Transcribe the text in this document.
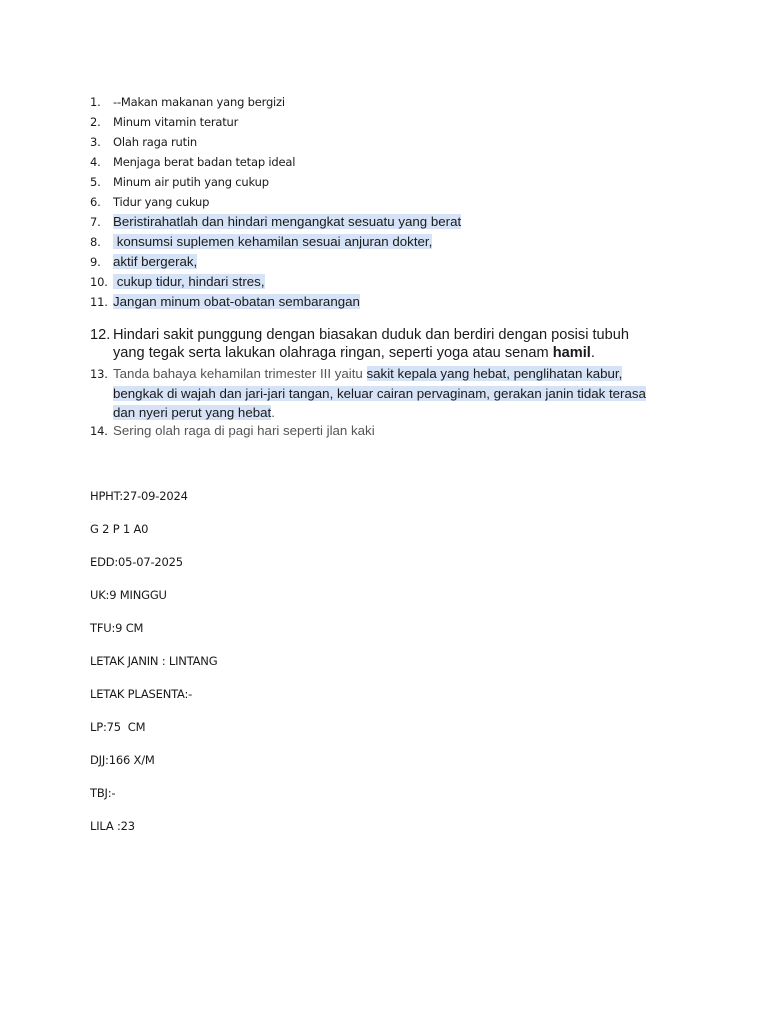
1. --Makan makanan yang bergizi
2. Minum vitamin teratur
3. Olah raga rutin
4. Menjaga berat badan tetap ideal
5. Minum air putih yang cukup
6. Tidur yang cukup
7. Beristirahatlah dan hindari mengangkat sesuatu yang berat
8. konsumsi suplemen kehamilan sesuai anjuran dokter,
9. aktif bergerak,
10. cukup tidur, hindari stres,
11. Jangan minum obat-obatan sembarangan
12. Hindari sakit punggung dengan biasakan duduk dan berdiri dengan posisi tubuh
yang tegak serta lakukan olahraga ringan, seperti yoga atau senam hamil.
13. Tanda bahaya kehamilan trimester III yaitu sakit kepala yang hebat, penglihatan kabur,
bengkak di wajah dan jari-jari tangan, keluar cairan pervaginam, gerakan janin tidak terasa
dan nyeri perut yang hebat.
14. Sering olah raga di pagi hari seperti jlan kaki
HPHT:27-09-2024
G 2 P 1 A0
EDD:05-07-2025
UK:9 MINGGU
TFU:9 CM
LETAK JANIN : LINTANG
LETAK PLASENTA:-
LP:75  CM
DJJ:166 X/M
TBJ:-
LILA :23
